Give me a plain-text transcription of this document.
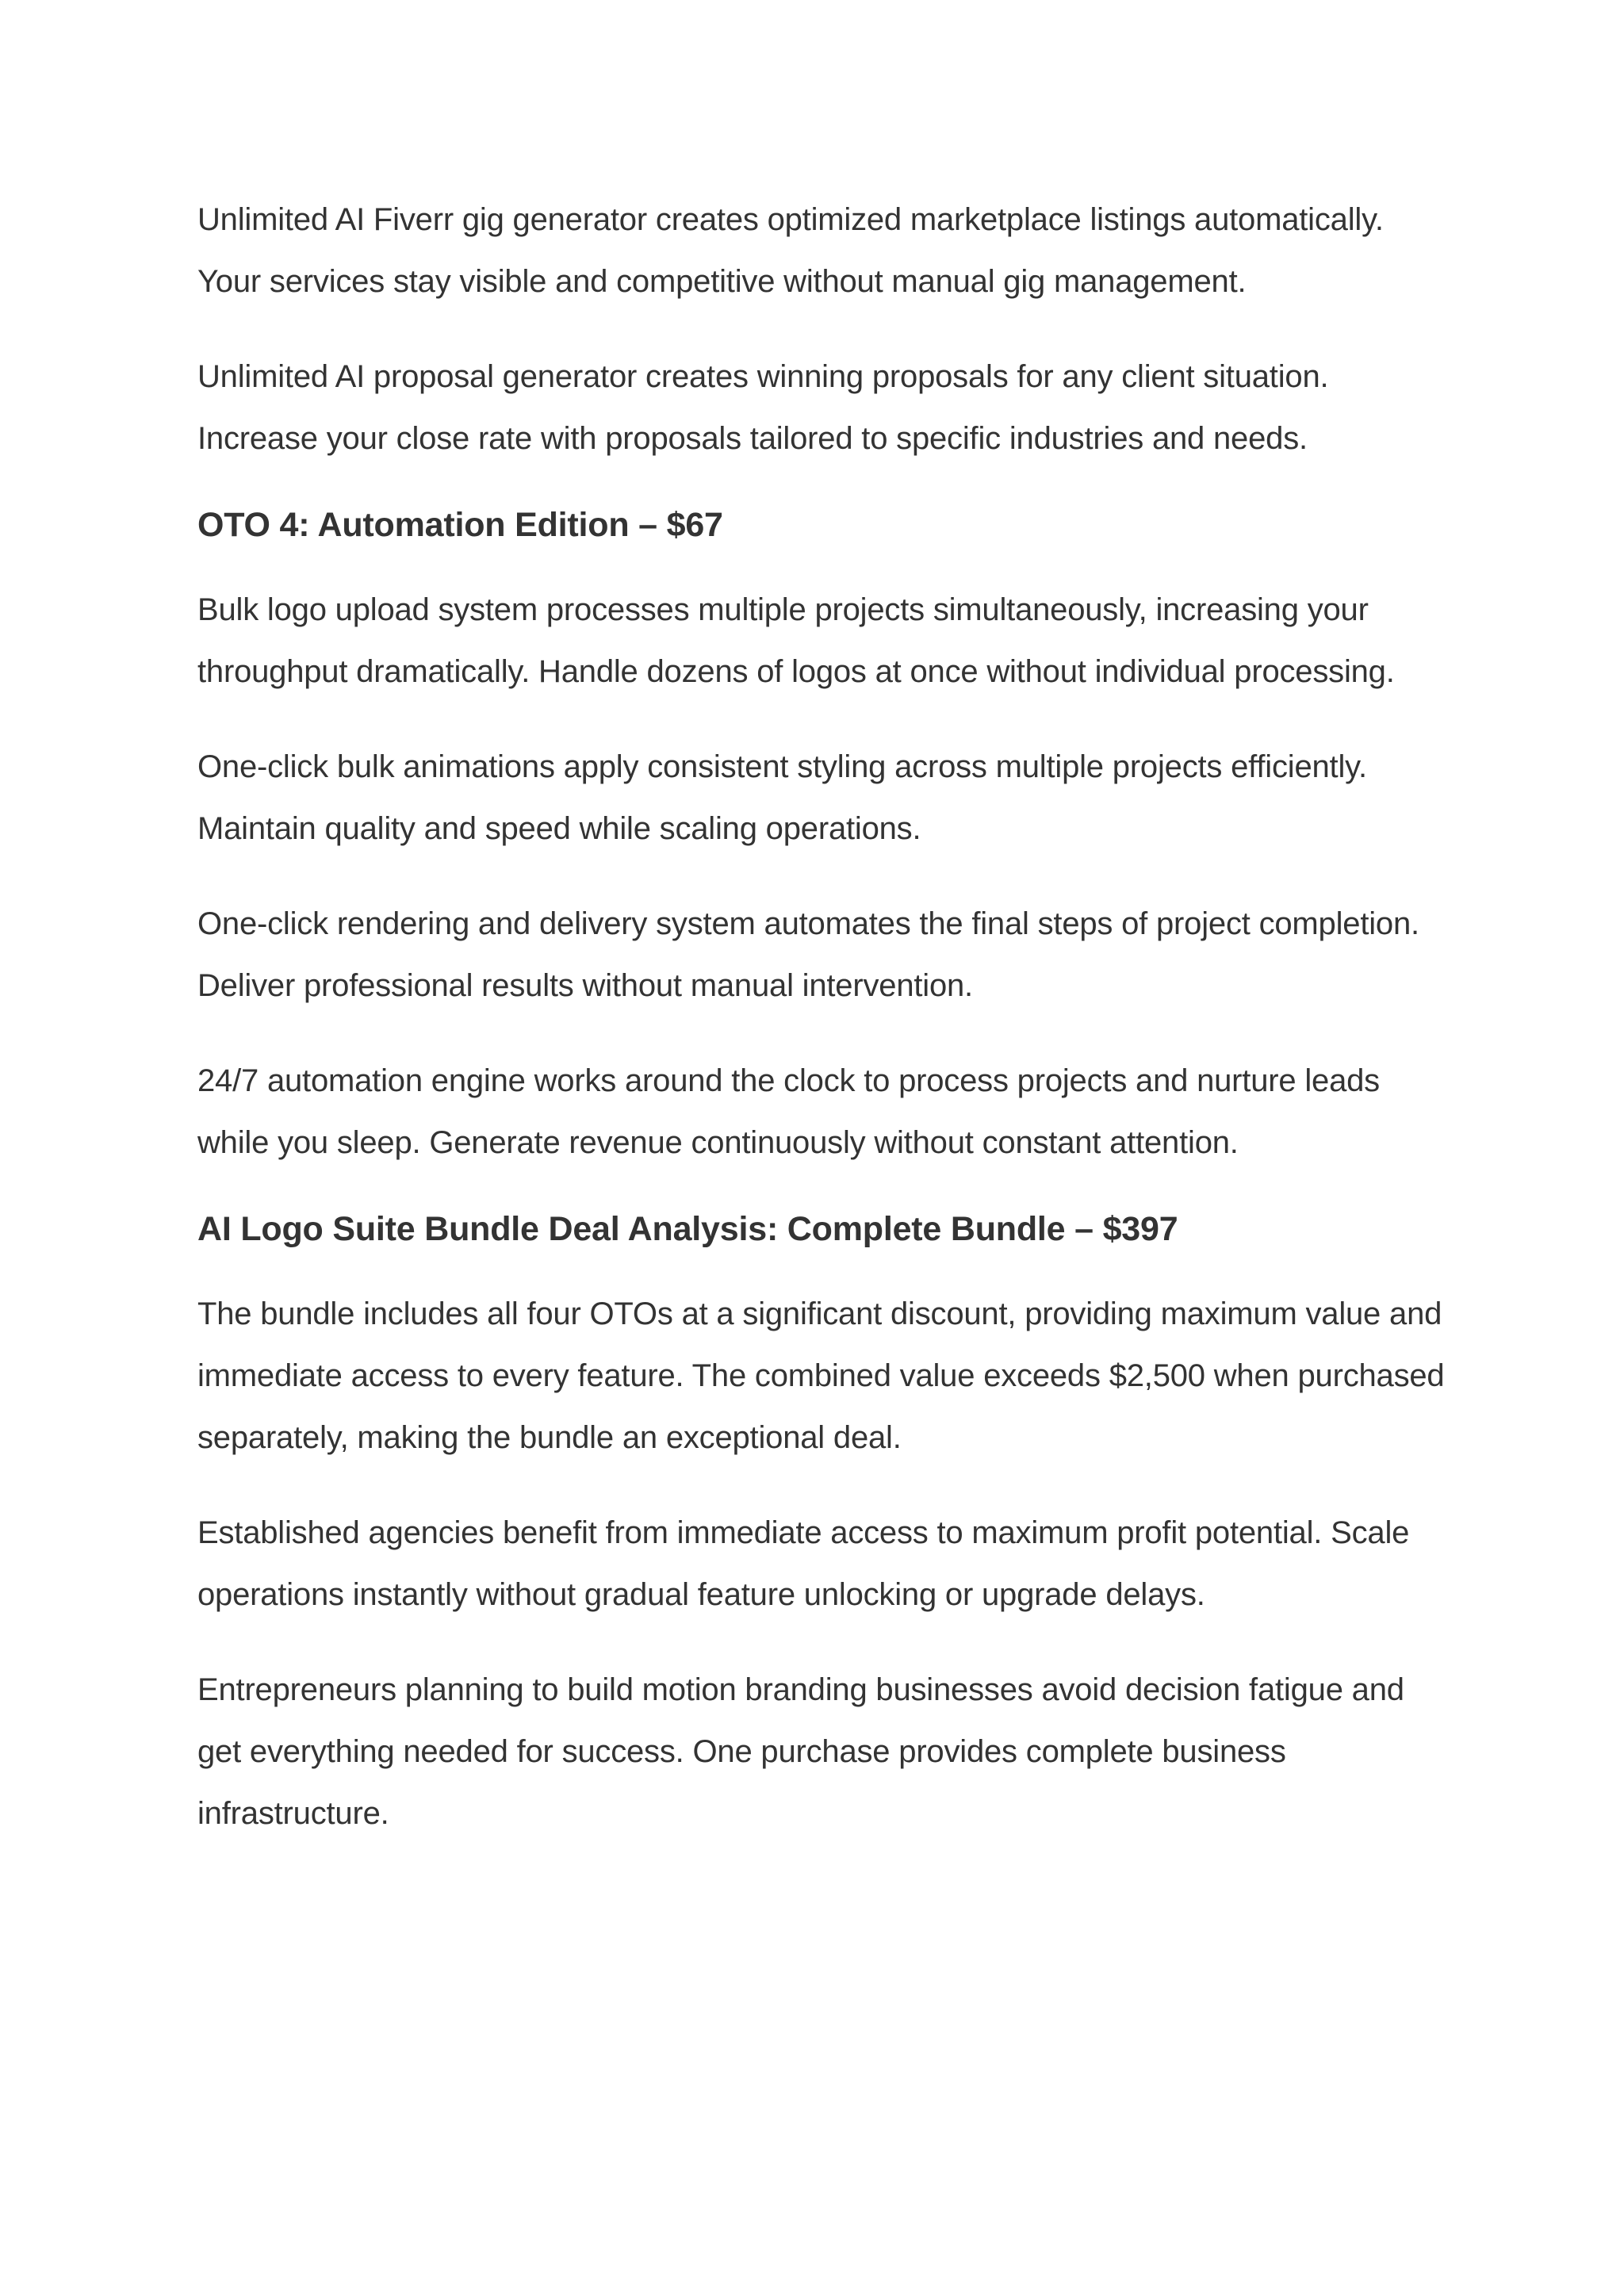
Unlimited AI Fiverr gig generator creates optimized marketplace listings automatically. Your services stay visible and competitive without manual gig management.

Unlimited AI proposal generator creates winning proposals for any client situation. Increase your close rate with proposals tailored to specific industries and needs.

OTO 4: Automation Edition – $67

Bulk logo upload system processes multiple projects simultaneously, increasing your throughput dramatically. Handle dozens of logos at once without individual processing.

One-click bulk animations apply consistent styling across multiple projects efficiently. Maintain quality and speed while scaling operations.

One-click rendering and delivery system automates the final steps of project completion. Deliver professional results without manual intervention.

24/7 automation engine works around the clock to process projects and nurture leads while you sleep. Generate revenue continuously without constant attention.

AI Logo Suite Bundle Deal Analysis: Complete Bundle – $397

The bundle includes all four OTOs at a significant discount, providing maximum value and immediate access to every feature. The combined value exceeds $2,500 when purchased separately, making the bundle an exceptional deal.

Established agencies benefit from immediate access to maximum profit potential. Scale operations instantly without gradual feature unlocking or upgrade delays.

Entrepreneurs planning to build motion branding businesses avoid decision fatigue and get everything needed for success. One purchase provides complete business infrastructure.
